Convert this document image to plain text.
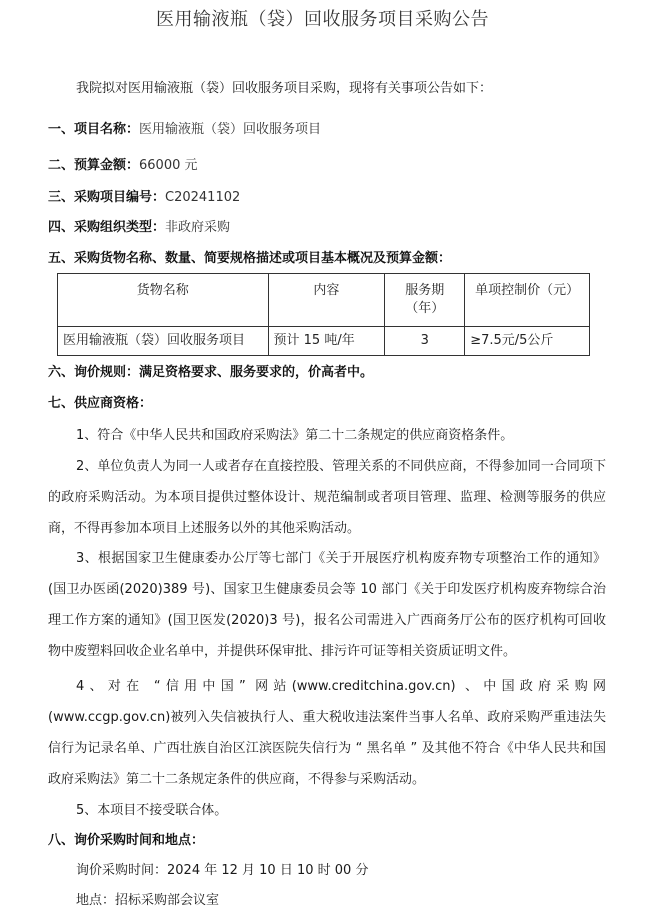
医用输液瓶（袋）回收服务项目采购公告
我院拟对医用输液瓶（袋）回收服务项目采购，现将有关事项公告如下：
一、项目名称：医用输液瓶（袋）回收服务项目
二、预算金额：66000 元
三、采购项目编号：C20241102
四、采购组织类型：非政府采购
五、采购货物名称、数量、简要规格描述或项目基本概况及预算金额：
货物名称	内容	服务期（年）	单项控制价（元）
医用输液瓶（袋）回收服务项目	预计 15 吨/年	3	≥7.5元/5公斤
六、询价规则：满足资格要求、服务要求的，价高者中。
七、供应商资格：
1、符合《中华人民共和国政府采购法》第二十二条规定的供应商资格条件。
2、单位负责人为同一人或者存在直接控股、管理关系的不同供应商，不得参加同一合同项下的政府采购活动。为本项目提供过整体设计、规范编制或者项目管理、监理、检测等服务的供应商，不得再参加本项目上述服务以外的其他采购活动。
3、根据国家卫生健康委办公厅等七部门《关于开展医疗机构废弃物专项整治工作的通知》(国卫办医函(2020)389 号)、国家卫生健康委员会等 10 部门《关于印发医疗机构废弃物综合治理工作方案的通知》(国卫医发(2020)3 号)，报名公司需进入广西商务厅公布的医疗机构可回收物中废塑料回收企业名单中，并提供环保审批、排污许可证等相关资质证明文件。
4、对在 “信用中国” 网站(www.creditchina.gov.cn) 、中国政府采购网(www.ccgp.gov.cn)被列入失信被执行人、重大税收违法案件当事人名单、政府采购严重违法失信行为记录名单、广西壮族自治区江滨医院失信行为 “ 黑名单 ” 及其他不符合《中华人民共和国政府采购法》第二十二条规定条件的供应商，不得参与采购活动。
5、本项目不接受联合体。
八、询价采购时间和地点：
询价采购时间：2024 年 12 月 10 日 10 时 00 分
地点：招标采购部会议室
